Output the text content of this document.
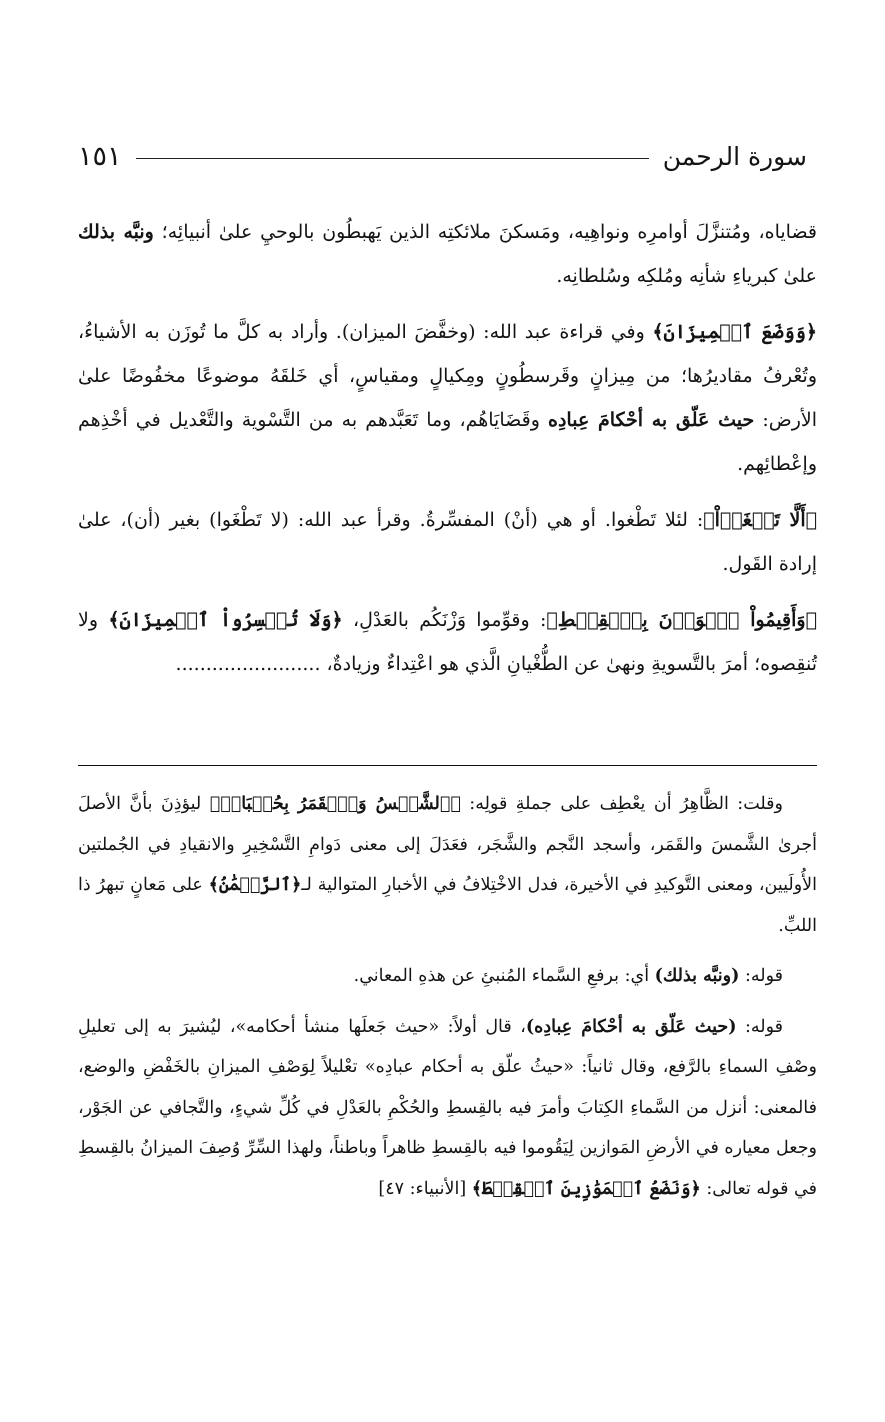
سورة الرحمن
١٥١

قضاياه، ومُتنزَّلَ أوامرِه ونواهِيه، ومَسكنَ ملائكتِه الذين يَهبطُون بالوحيِ علىٰ أنبيائِه؛ ونبَّه بذلك علىٰ كبرياءِ شأنِه ومُلكِه وسُلطانِه.

﴿وَوَضَعَ ٱلۡمِيزَانَ﴾ وفي قراءة عبد الله: (وخفَّضَ الميزان). وأراد به كلَّ ما تُوزَن به الأشياءُ، وتُعْرفُ مقاديرُها؛ من مِيزانٍ وقَرسطُونٍ ومِكيالٍ ومقياسٍ، أي خَلقَهُ موضوعًا مخفُوضًا علىٰ الأرض: حيث عَلّق به أحْكامَ عِبادِه وقَضَايَاهُم، وما تَعَبَّدهم به من التَّسْوية والتَّعْديل في أخْذِهم وإعْطائِهم.

﴿أَلَّا تَطۡغَوۡاْ﴾: لئلا تَطْغوا. أو هي (أنْ) المفسِّرةُ. وقرأ عبد الله: (لا تَطْغَوا) بغير (أن)، علىٰ إرادة القَول.

﴿وَأَقِيمُواْ ٱلۡوَزۡنَ بِٱلۡقِسۡطِ﴾: وقوِّموا وَزْنَكُم بالعَدْلِ، ﴿وَلَا تُخۡسِرُواْ ٱلۡمِيزَانَ﴾ ولا تُنقِصوه؛ أمرَ بالتَّسويةِ ونهىٰ عن الطُّغْيانِ الَّذي هو اعْتِداءٌ وزيادةٌ، ........................

وقلت: الظَّاهِرُ أن يعْطِف على جملةِ قولِه: ﴿ٱلشَّمۡسُ وَٱلۡقَمَرُ بِحُسۡبَانٖ﴾ ليؤذِنَ بأنَّ الأصلَ أجرىٰ الشَّمسَ والقَمَر، وأسجد النَّجم والشَّجَر، فعَدَلَ إلى معنى دَوامِ التَّسْخِيرِ والانقيادِ في الجُملتين الأُولَيين، ومعنى التَّوكيدِ في الأخيرة، فدل الاخْتِلافُ في الأخبارِ المتوالية لـ﴿ٱلرَّحۡمَٰنُ﴾ على مَعانٍ تبهرُ ذا اللبِّ.

قوله: (ونبَّه بذلك) أي: برفعِ السَّماء المُنبئِ عن هذهِ المعاني.

قوله: (حيث عَلّق به أحْكامَ عِبادِه)، قال أولاً: «حيث جَعلَها منشأ أحكامه»، ليُشيرَ به إلى تعليلِ وصْفِ السماءِ بالرَّفع، وقال ثانياً: «حيثُ علّق به أحكام عبادِه» تعْليلاً لِوَصْفِ الميزانِ بالخَفْضِ والوضع، فالمعنى: أنزل من السَّماءِ الكِتابَ وأمرَ فيه بالقِسطِ والحُكْمِ بالعَدْلِ في كُلِّ شيءٍ، والتَّجافي عن الجَوْر، وجعل معياره في الأرضِ المَوازين لِيَقُوموا فيه بالقِسطِ ظاهراً وباطناً، ولهذا السِّرِّ وُصِفَ الميزانُ بالقِسطِ في قوله تعالى: ﴿وَنَضَعُ ٱلۡمَوَٰزِينَ ٱلۡقِسۡطَ﴾ [الأنبياء: ٤٧]
